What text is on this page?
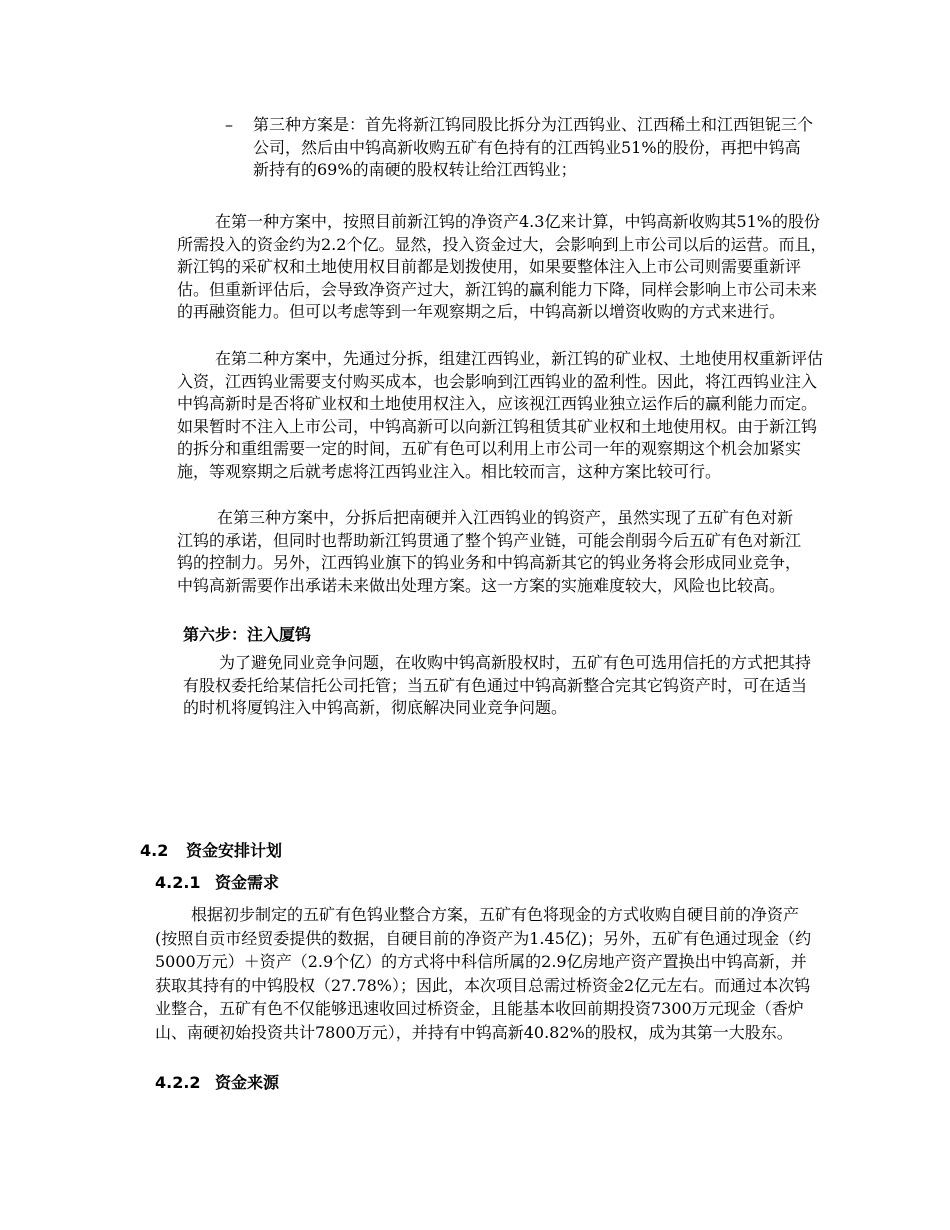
– 第三种方案是：首先将新江钨同股比拆分为江西钨业、江西稀土和江西钽铌三个公司，然后由中钨高新收购五矿有色持有的江西钨业51%的股份，再把中钨高新持有的69%的南硬的股权转让给江西钨业；

在第一种方案中，按照目前新江钨的净资产4.3亿来计算，中钨高新收购其51%的股份所需投入的资金约为2.2个亿。显然，投入资金过大，会影响到上市公司以后的运营。而且，新江钨的采矿权和土地使用权目前都是划拨使用，如果要整体注入上市公司则需要重新评估。但重新评估后，会导致净资产过大，新江钨的赢利能力下降，同样会影响上市公司未来的再融资能力。但可以考虑等到一年观察期之后，中钨高新以增资收购的方式来进行。

在第二种方案中，先通过分拆，组建江西钨业，新江钨的矿业权、土地使用权重新评估入资，江西钨业需要支付购买成本，也会影响到江西钨业的盈利性。因此，将江西钨业注入中钨高新时是否将矿业权和土地使用权注入，应该视江西钨业独立运作后的赢利能力而定。如果暂时不注入上市公司，中钨高新可以向新江钨租赁其矿业权和土地使用权。由于新江钨的拆分和重组需要一定的时间，五矿有色可以利用上市公司一年的观察期这个机会加紧实施，等观察期之后就考虑将江西钨业注入。相比较而言，这种方案比较可行。

在第三种方案中，分拆后把南硬并入江西钨业的钨资产，虽然实现了五矿有色对新江钨的承诺，但同时也帮助新江钨贯通了整个钨产业链，可能会削弱今后五矿有色对新江钨的控制力。另外，江西钨业旗下的钨业务和中钨高新其它的钨业务将会形成同业竞争，中钨高新需要作出承诺未来做出处理方案。这一方案的实施难度较大，风险也比较高。

第六步：注入厦钨

为了避免同业竞争问题，在收购中钨高新股权时，五矿有色可选用信托的方式把其持有股权委托给某信托公司托管；当五矿有色通过中钨高新整合完其它钨资产时，可在适当的时机将厦钨注入中钨高新，彻底解决同业竞争问题。

4.2 资金安排计划
4.2.1 资金需求

根据初步制定的五矿有色钨业整合方案，五矿有色将现金的方式收购自硬目前的净资产(按照自贡市经贸委提供的数据，自硬目前的净资产为1.45亿)；另外，五矿有色通过现金（约5000万元）＋资产（2.9个亿）的方式将中科信所属的2.9亿房地产资产置换出中钨高新，并获取其持有的中钨股权（27.78%）；因此，本次项目总需过桥资金2亿元左右。而通过本次钨业整合，五矿有色不仅能够迅速收回过桥资金，且能基本收回前期投资7300万元现金（香炉山、南硬初始投资共计7800万元），并持有中钨高新40.82%的股权，成为其第一大股东。

4.2.2 资金来源
